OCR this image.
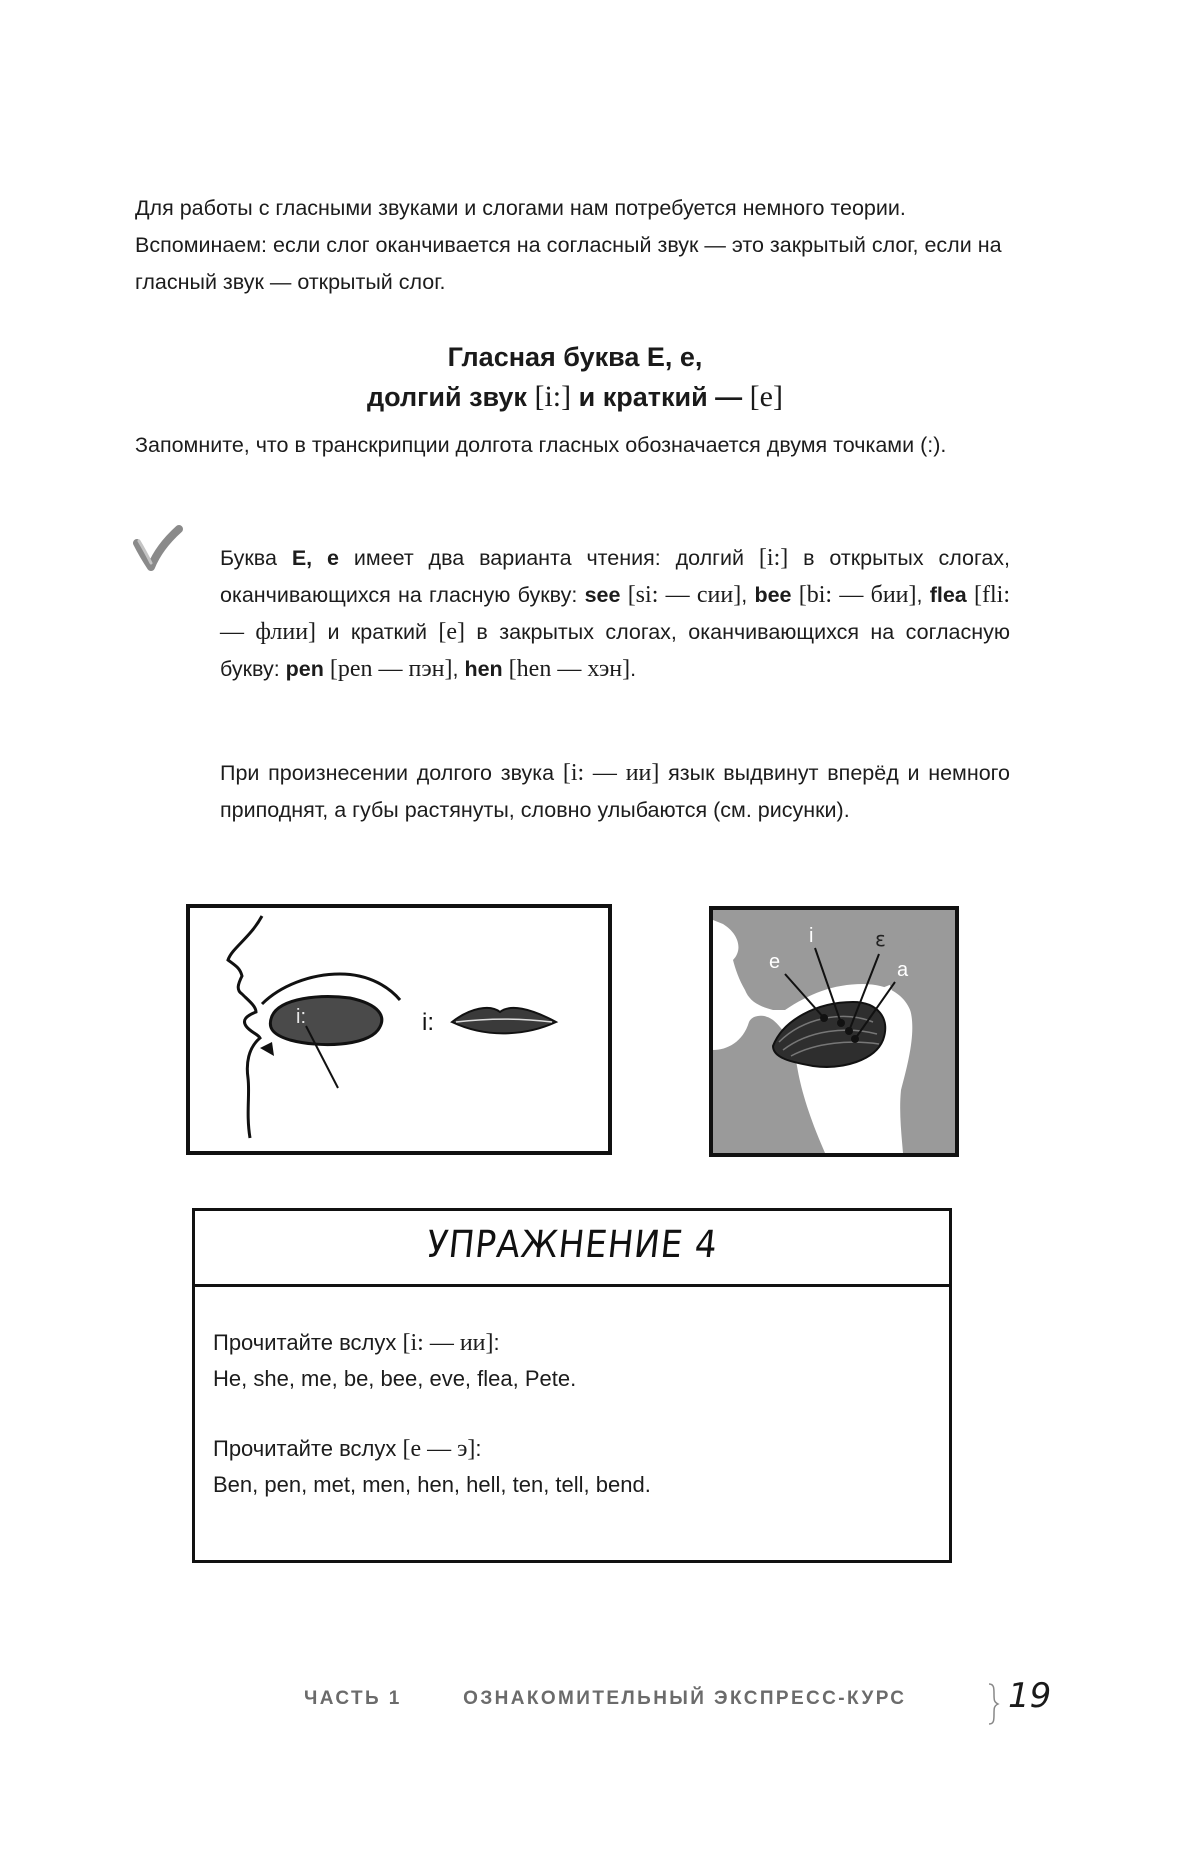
Для работы с гласными звуками и слогами нам потребуется немного теории. Вспоминаем: если слог оканчивается на согласный звук — это закрытый слог, если на гласный звук — открытый слог.
Гласная буква E, e,
долгий звук [i:] и краткий — [e]
Запомните, что в транскрипции долгота гласных обозначается двумя точками (:).
Буква E, e имеет два варианта чтения: долгий [i:] в открытых слогах, оканчивающихся на гласную букву: see [si: — сии], bee [bi: — бии], flea [fli: — флии] и краткий [e] в закрытых слогах, оканчивающихся на согласную букву: pen [pen — пэн], hen [hen — хэн].
При произнесении долгого звука [i: — ии] язык выдвинут вперёд и немного приподнят, а губы растянуты, словно улыбаются (см. рисунки).
i:	i:
e
i	ε
a
УПРАЖНЕНИЕ 4

Прочитайте вслух [i: — ии]:
He, she, me, be, bee, eve, flea, Pete.

Прочитайте вслух [e — э]:
Ben, pen, met, men, hen, hell, ten, tell, bend.

ЧАСТЬ 1	ОЗНАКОМИТЕЛЬНЫЙ ЭКСПРЕСС-КУРС	19
